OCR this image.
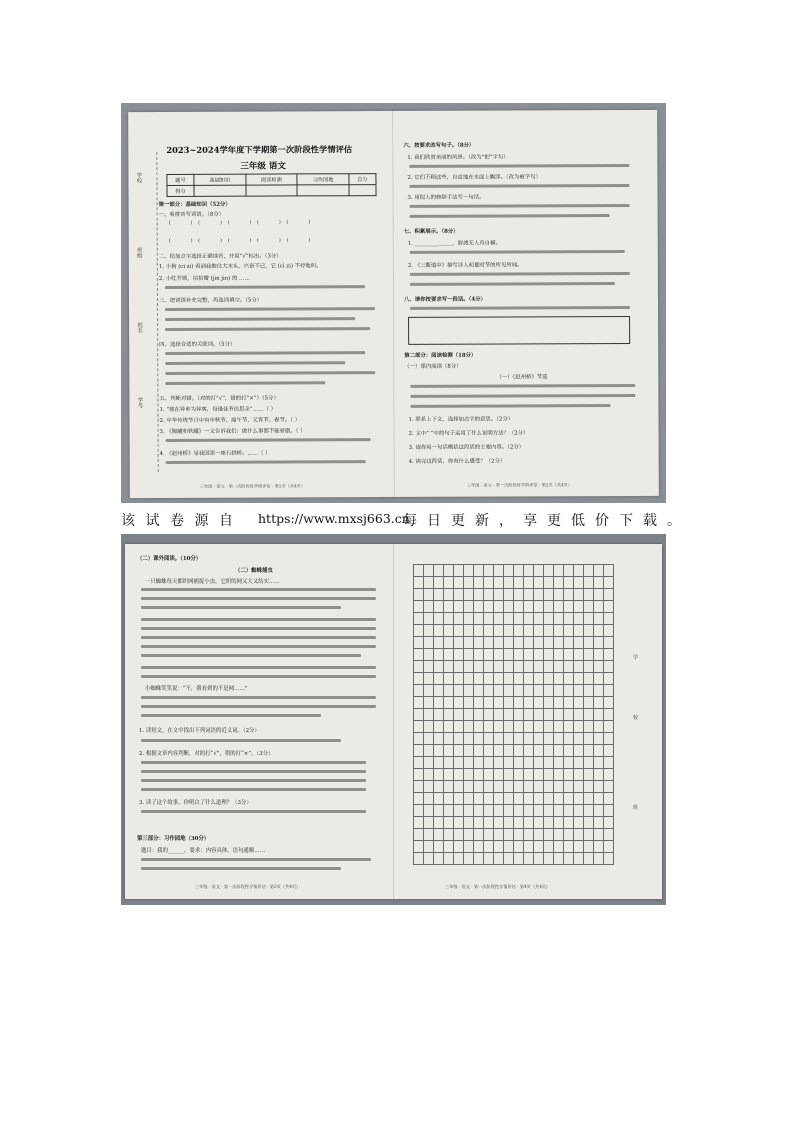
学校
班级
姓名
学号
2023~2024学年度下学期第一次阶段性学情评估
三年级 语文
题号	基础知识	阅读检测	习作园地	总分
得分				
第一部分：基础知识（52分）
一、看拼音写词语。（8分）
(     ) (     ) (     ) (     ) (     )
(     ) (     ) (     ) (     ) (     )
二、给加点字选择正确读音，并用“√”标出。（3分）
1. 小狗 (ci zi) 看到我抱住大木头，兴奋不已，它 (ci zi) 不停地叫。
2. 小红开锁，拍拍瓣 (jin jin) 的 ……
三、把词语补充完整，再选词填空。（5分）
四、选择合适的关联词。（5分）
五、判断对错。（对的打“√”，错的打“×”）（5分）
1. “独在异乡为异客，每逢佳节倍思亲”……（ ）
2. 中华传统节日中有中秋节、端午节、元宵节、春节。（ ）
3. 《陶罐和铁罐》一文告诉我们：做什么事都不能骄傲。（ ）
4. 《赵州桥》是我国第一座石拱桥。……（ ）
三年级 · 语文 · 第一次阶段性学情评估 · 第1页（共4页）
六、按要求改写句子。（8分）
1. 我们欣赏美丽的风景。（改为“把”字句）
2. 它们不顾这些，自由地在水面上飘浮。（改为被字句）
3. 用拟人的修辞手法写一句话。
七、积累展示。（8分）
1. ______________，野渡无人舟自横。
2. 《三衢道中》描写诗人初夏时节的所见所闻。
八、请你按要求写一段话。（4分）
第二部分：阅读检测（18分）
（一）课内阅读（8分）
（一）《赵州桥》节选
1. 联系上下文，选择加点字的意思。（2分）
2. 文中“ ”中的句子运用了什么说明方法？（2分）
3. 请你用一句话概括这段话的主要内容。（2分）
4. 读完这段话，你有什么感受？（2分）
三年级 · 语文 · 第一次阶段性学情评估 · 第2页（共4页）
该试卷源自 https://www.mxsj663.cn
每日更新，享更低价下载。
（二）课外阅读。（10分）
（二）蜘蛛捕虫
一只蜘蛛每天都织网捕捉小虫，它织的网又大又结实……
小蜘蛛笑笑说：“不，我看到的不是网……”
1. 读短文，在文中找出下列词语的近义词。（2分）
2. 根据文章内容判断，对的打“√”，错的打“×”。（3分）
3. 读了这个故事，你明白了什么道理？（3分）
第三部分：习作园地（30分）
题目：我的______。要求：内容具体，语句通顺……
三年级 · 语文 · 第一次阶段性学情评估 · 第3页（共4页）
学
校
班
三年级 · 语文 · 第一次阶段性学情评估 · 第4页（共4页）
